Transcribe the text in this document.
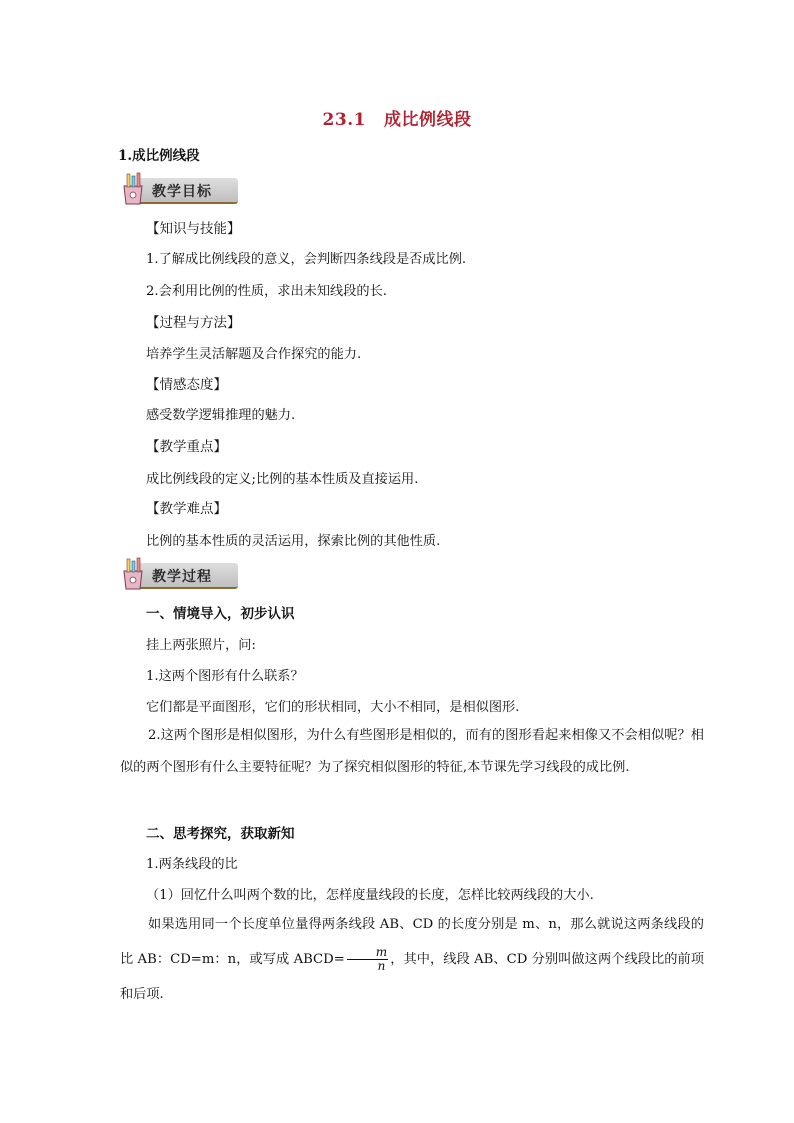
23.1 成比例线段
1.成比例线段
教学目标
【知识与技能】
1.了解成比例线段的意义，会判断四条线段是否成比例.
2.会利用比例的性质，求出未知线段的长.
【过程与方法】
培养学生灵活解题及合作探究的能力.
【情感态度】
感受数学逻辑推理的魅力.
【教学重点】
成比例线段的定义;比例的基本性质及直接运用.
【教学难点】
比例的基本性质的灵活运用，探索比例的其他性质.
教学过程
一、情境导入，初步认识
挂上两张照片，问:
1.这两个图形有什么联系？
它们都是平面图形，它们的形状相同，大小不相同，是相似图形.
2.这两个图形是相似图形，为什么有些图形是相似的，而有的图形看起来相像又不会相似呢？相似的两个图形有什么主要特征呢？为了探究相似图形的特征,本节课先学习线段的成比例.
二、思考探究，获取新知
1.两条线段的比
（1）回忆什么叫两个数的比，怎样度量线段的长度，怎样比较两线段的大小.
如果选用同一个长度单位量得两条线段 AB、CD 的长度分别是 m、n，那么就说这两条线段的比 AB：CD=m：n，或写成 ABCD= $\frac{m}{n}$ ，其中，线段 AB、CD 分别叫做这两个线段比的前项和后项.
